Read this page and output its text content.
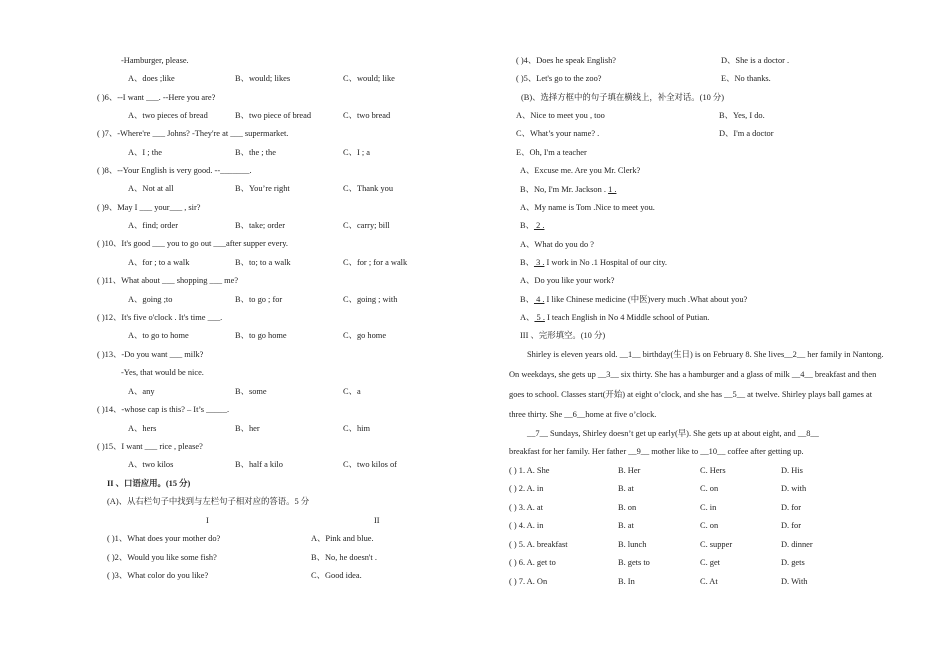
-Hamburger, please.
A、does ;like	B、would; likes	C、would; like
( )6、--I want ___. --Here you are?
A、two pieces of bread	B、two piece of bread	C、two bread
( )7、-Where're ___ Johns? -They're at ___ supermarket.
A、I ; the	B、the ; the	C、I ; a
( )8、--Your English is very good. --_______.
A、Not at all	B、You’re right	C、Thank you
( )9、May I ___ your___ , sir?
A、find; order	B、take; order	C、carry; bill
( )10、It's good ___ you to go out ___after supper every.
A、for ; to a walk	B、to; to a walk	C、for ; for a walk
( )11、What about ___ shopping ___ me?
A、going ;to	B、to go ; for	C、going ; with
( )12、It's five o'clock . It's time ___.
A、to go to home	B、to go home	C、go home
( )13、-Do you want ___ milk?
-Yes, that would be nice.
A、any	B、some	C、a
( )14、-whose cap is this? – It’s _____.
A、hers	B、her	C、him
( )15、I want ___ rice , please?
A、two kilos	B、half a kilo	C、two kilos of
II 、口语应用。(15 分)
(A)、从右栏句子中找到与左栏句子相对应的答语。5 分
I	II
( )1、What does your mother do?	A、Pink and blue.
( )2、Would you like some fish?	B、No, he doesn't .
( )3、What color do you like?	C、Good idea.
( )4、Does he speak English?	D、She is a doctor .
( )5、Let's go to the zoo?	E、No thanks.
(B)、选择方框中的句子填在横线上，补全对话。(10 分)
A、Nice to meet you , too	B、Yes, I do.
C、What’s your name? .	D、I'm a doctor
E、Oh, I'm a teacher
A、Excuse me. Are you Mr. Clerk?
B、No, I'm Mr. Jackson . 1 .
A、My name is Tom .Nice to meet you.
B、 2 .
A、What do you do ?
B、 3 . I work in No .1 Hospital of our city.
A、Do you like your work?
B、 4 . I like Chinese medicine (中医)very much .What about you?
A、 5 . I teach English in No 4 Middle school of Putian.
III 、完形填空。(10 分)
Shirley is eleven years old. __1__ birthday(生日) is on February 8. She lives__2__ her family in Nantong.
On weekdays, she gets up __3__ six thirty. She has a hamburger and a glass of milk __4__ breakfast and then
goes to school. Classes start(开始) at eight o’clock, and she has __5__ at twelve. Shirley plays ball games at
three thirty. She __6__home at five o’clock.
__7__ Sundays, Shirley doesn’t get up early(早). She gets up at about eight, and __8__
breakfast for her family. Her father __9__ mother like to __10__ coffee after getting up.
( ) 1. A. She	B. Her	C. Hers	D. His
( ) 2. A. in	B. at	C. on	D. with
( ) 3. A. at	B. on	C. in	D. for
( ) 4. A. in	B. at	C. on	D. for
( ) 5. A. breakfast	B. lunch	C. supper	D. dinner
( ) 6. A. get to	B. gets to	C. get	D. gets
( ) 7. A. On	B. In	C. At	D. With
